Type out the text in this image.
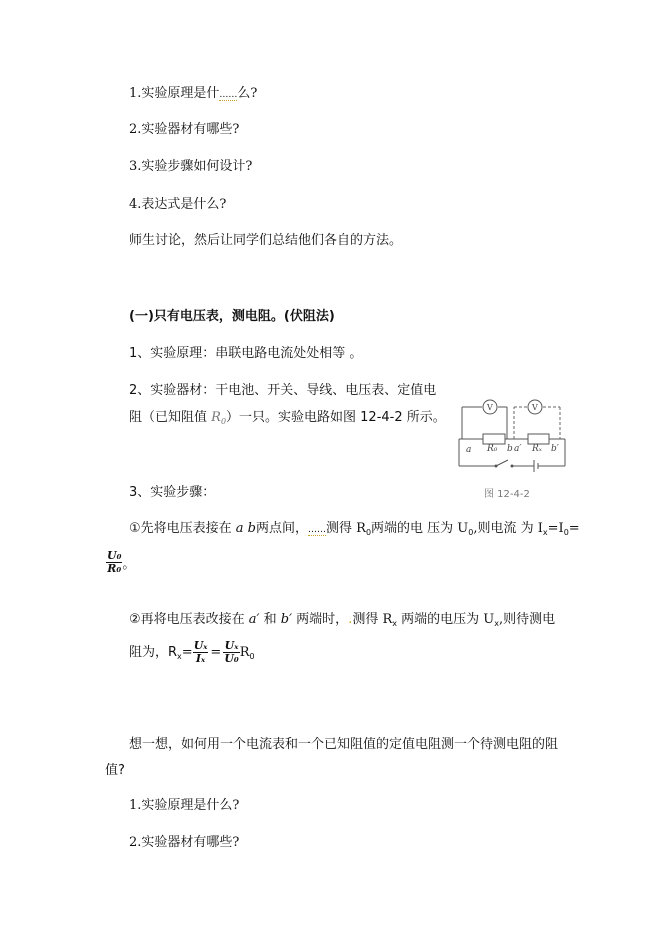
1.实验原理是什……么?
2.实验器材有哪些?
3.实验步骤如何设计?
4.表达式是什么?
师生讨论，然后让同学们总结他们各自的方法。
(一)只有电压表，测电阻。(伏阻法)
1、实验原理：串联电路电流处处相等 。
2、实验器材：干电池、开关、导线、电压表、定值电
阻（已知阻值 $R_0$）一只。实验电路如图 12-4-2 所示。
V	V
a R₀ b a′ Rₓ b′
图 12-4-2
3、实验步骤：
①先将电压表接在 a b两点间，……测得 $R_0$两端的电 压为 $U_0$,则电流 为 $I_x=I_0=$
$\frac{\text{U₀}}{\text{R₀}}$ 。
②再将电压表改接在 a′ 和 b′ 两端时，.测得 $R_x$ 两端的电压为 $U_x$,则待测电
阻为，$R_x= \frac{\text{Uₓ}}{\text{Iₓ}} = \frac{\text{Uₓ}}{\text{U₀}} R_0$
想一想，如何用一个电流表和一个已知阻值的定值电阻测一个待测电阻的阻
值?
1.实验原理是什么?
2.实验器材有哪些?
